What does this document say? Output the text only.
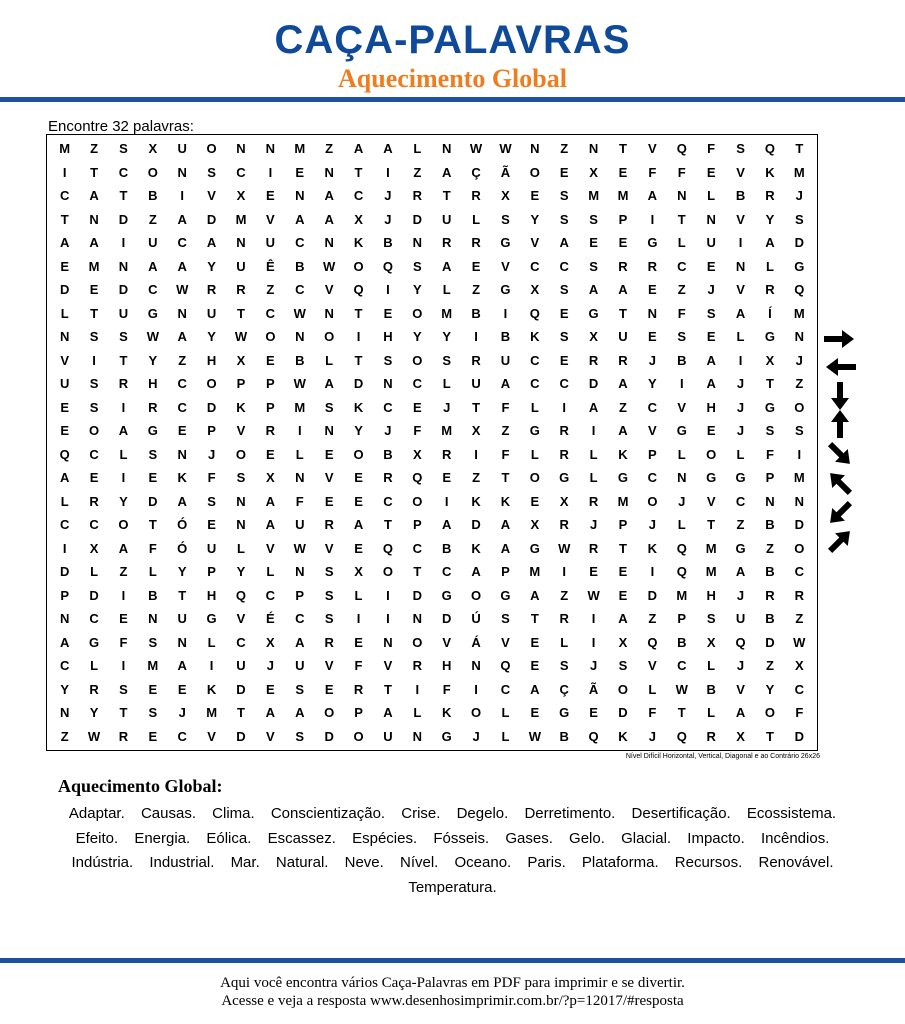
CAÇA-PALAVRAS
Aquecimento Global
Encontre 32 palavras:
M	Z	S	X	U	O	N	N	M	Z	A	A	L	N	W	W	N	Z	N	T	V	Q	F	S	Q	T
I	T	C	O	N	S	C	I	E	N	T	I	Z	A	Ç	Ã	O	E	X	E	F	F	E	V	K	M
C	A	T	B	I	V	X	E	N	A	C	J	R	T	R	X	E	S	M	M	A	N	L	B	R	J
T	N	D	Z	A	D	M	V	A	A	X	J	D	U	L	S	Y	S	S	P	I	T	N	V	Y	S
A	A	I	U	C	A	N	U	C	N	K	B	N	R	R	G	V	A	E	E	G	L	U	I	A	D
E	M	N	A	A	Y	U	Ê	B	W	O	Q	S	A	E	V	C	C	S	R	R	C	E	N	L	G
D	E	D	C	W	R	R	Z	C	V	Q	I	Y	L	Z	G	X	S	A	A	E	Z	J	V	R	Q
L	T	U	G	N	U	T	C	W	N	T	E	O	M	B	I	Q	E	G	T	N	F	S	A	Í	M
N	S	S	W	A	Y	W	O	N	O	I	H	Y	Y	I	B	K	S	X	U	E	S	E	L	G	N
V	I	T	Y	Z	H	X	E	B	L	T	S	O	S	R	U	C	E	R	R	J	B	A	I	X	J
U	S	R	H	C	O	P	P	W	A	D	N	C	L	U	A	C	C	D	A	Y	I	A	J	T	Z
E	S	I	R	C	D	K	P	M	S	K	C	E	J	T	F	L	I	A	Z	C	V	H	J	G	O
E	O	A	G	E	P	V	R	I	N	Y	J	F	M	X	Z	G	R	I	A	V	G	E	J	S	S
Q	C	L	S	N	J	O	E	L	E	O	B	X	R	I	F	L	R	L	K	P	L	O	L	F	I
A	E	I	E	K	F	S	X	N	V	E	R	Q	E	Z	T	O	G	L	G	C	N	G	G	P	M
L	R	Y	D	A	S	N	A	F	E	E	C	O	I	K	K	E	X	R	M	O	J	V	C	N	N
C	C	O	T	Ó	E	N	A	U	R	A	T	P	A	D	A	X	R	J	P	J	L	T	Z	B	D
I	X	A	F	Ó	U	L	V	W	V	E	Q	C	B	K	A	G	W	R	T	K	Q	M	G	Z	O
D	L	Z	L	Y	P	Y	L	N	S	X	O	T	C	A	P	M	I	E	E	I	Q	M	A	B	C
P	D	I	B	T	H	Q	C	P	S	L	I	D	G	O	G	A	Z	W	E	D	M	H	J	R	R
N	C	E	N	U	G	V	É	C	S	I	I	N	D	Ú	S	T	R	I	A	Z	P	S	U	B	Z
A	G	F	S	N	L	C	X	A	R	E	N	O	V	Á	V	E	L	I	X	Q	B	X	Q	D	W
C	L	I	M	A	I	U	J	U	V	F	V	R	H	N	Q	E	S	J	S	V	C	L	J	Z	X
Y	R	S	E	E	K	D	E	S	E	R	T	I	F	I	C	A	Ç	Ã	O	L	W	B	V	Y	C
N	Y	T	S	J	M	T	A	A	O	P	A	L	K	O	L	E	G	E	D	F	T	L	A	O	F
Z	W	R	E	C	V	D	V	S	D	O	U	N	G	J	L	W	B	Q	K	J	Q	R	X	T	D
Nível Difícil Horizontal, Vertical, Diagonal e ao Contrário 26x26
Aquecimento Global:
Adaptar. Causas. Clima. Conscientização. Crise. Degelo. Derretimento. Desertificação. Ecossistema. Efeito. Energia. Eólica. Escassez. Espécies. Fósseis. Gases. Gelo. Glacial. Impacto. Incêndios. Indústria. Industrial. Mar. Natural. Neve. Nível. Oceano. Paris. Plataforma. Recursos. Renovável. Temperatura.
Aqui você encontra vários Caça-Palavras em PDF para imprimir e se divertir.
Acesse e veja a resposta www.desenhosimprimir.com.br/?p=12017/#resposta
